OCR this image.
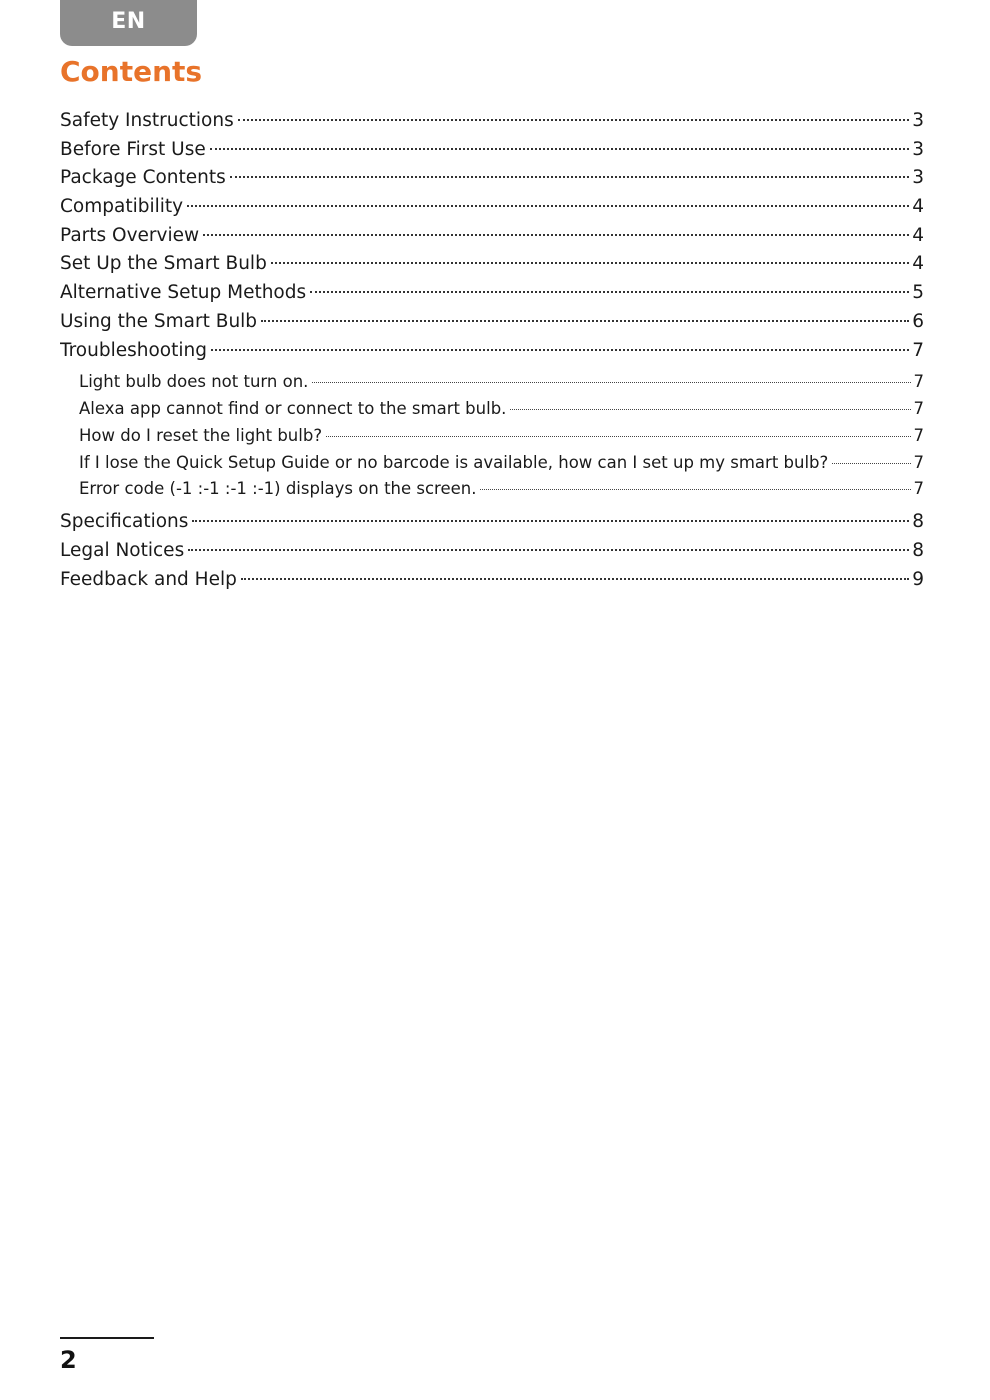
EN
Contents
Safety Instructions	3
Before First Use	3
Package Contents	3
Compatibility	4
Parts Overview	4
Set Up the Smart Bulb	4
Alternative Setup Methods	5
Using the Smart Bulb	6
Troubleshooting	7
Light bulb does not turn on.	7
Alexa app cannot find or connect to the smart bulb.	7
How do I reset the light bulb?	7
If I lose the Quick Setup Guide or no barcode is available, how can I set up my smart bulb?	7
Error code (-1 :-1 :-1 :-1) displays on the screen.	7
Specifications	8
Legal Notices	8
Feedback and Help	9
2
